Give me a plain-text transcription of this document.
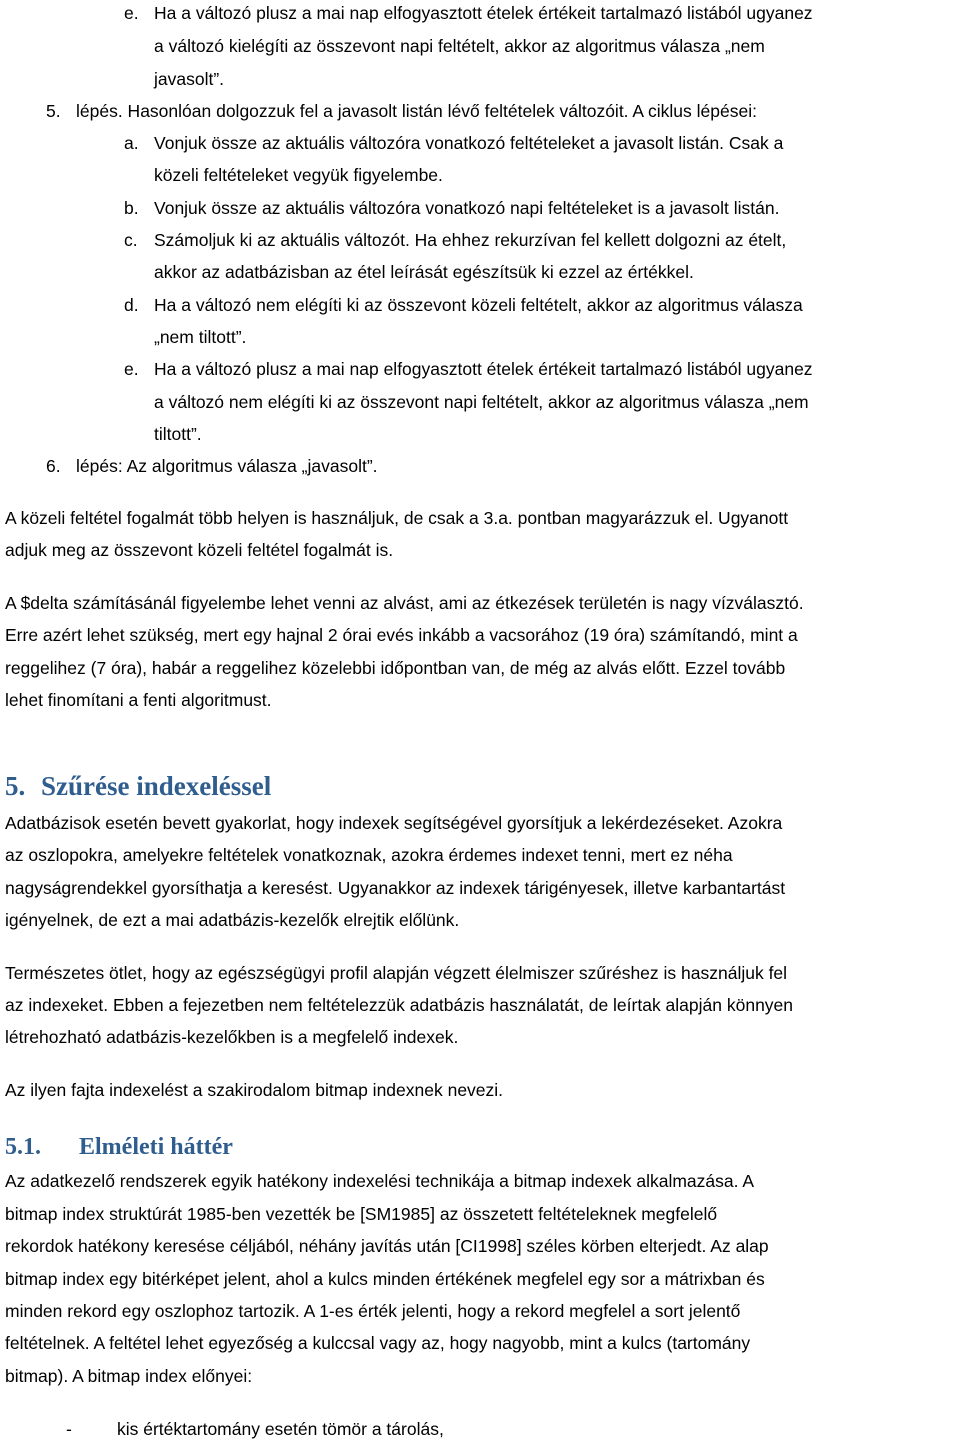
e. Ha a változó plusz a mai nap elfogyasztott ételek értékeit tartalmazó listából ugyanez
a változó kielégíti az összevont napi feltételt, akkor az algoritmus válasza „nem
javasolt”.
5. lépés. Hasonlóan dolgozzuk fel a javasolt listán lévő feltételek változóit. A ciklus lépései:
a. Vonjuk össze az aktuális változóra vonatkozó feltételeket a javasolt listán. Csak a
közeli feltételeket vegyük figyelembe.
b. Vonjuk össze az aktuális változóra vonatkozó napi feltételeket is a javasolt listán.
c. Számoljuk ki az aktuális változót. Ha ehhez rekurzívan fel kellett dolgozni az ételt,
akkor az adatbázisban az étel leírását egészítsük ki ezzel az értékkel.
d. Ha a változó nem elégíti ki az összevont közeli feltételt, akkor az algoritmus válasza
„nem tiltott”.
e. Ha a változó plusz a mai nap elfogyasztott ételek értékeit tartalmazó listából ugyanez
a változó nem elégíti ki az összevont napi feltételt, akkor az algoritmus válasza „nem
tiltott”.
6. lépés: Az algoritmus válasza „javasolt”.
A közeli feltétel fogalmát több helyen is használjuk, de csak a 3.a. pontban magyarázzuk el. Ugyanott
adjuk meg az összevont közeli feltétel fogalmát is.
A $delta számításánál figyelembe lehet venni az alvást, ami az étkezések területén is nagy vízválasztó.
Erre azért lehet szükség, mert egy hajnal 2 órai evés inkább a vacsorához (19 óra) számítandó, mint a
reggelihez (7 óra), habár a reggelihez közelebbi időpontban van, de még az alvás előtt. Ezzel tovább
lehet finomítani a fenti algoritmust.
5. Szűrése indexeléssel
Adatbázisok esetén bevett gyakorlat, hogy indexek segítségével gyorsítjuk a lekérdezéseket. Azokra
az oszlopokra, amelyekre feltételek vonatkoznak, azokra érdemes indexet tenni, mert ez néha
nagyságrendekkel gyorsíthatja a keresést. Ugyanakkor az indexek tárigényesek, illetve karbantartást
igényelnek, de ezt a mai adatbázis-kezelők elrejtik előlünk.
Természetes ötlet, hogy az egészségügyi profil alapján végzett élelmiszer szűréshez is használjuk fel
az indexeket. Ebben a fejezetben nem feltételezzük adatbázis használatát, de leírtak alapján könnyen
létrehozható adatbázis-kezelőkben is a megfelelő indexek.
Az ilyen fajta indexelést a szakirodalom bitmap indexnek nevezi.
5.1. Elméleti háttér
Az adatkezelő rendszerek egyik hatékony indexelési technikája a bitmap indexek alkalmazása. A
bitmap index struktúrát 1985-ben vezették be [SM1985] az összetett feltételeknek megfelelő
rekordok hatékony keresése céljából, néhány javítás után [CI1998] széles körben elterjedt. Az alap
bitmap index egy bitérképet jelent, ahol a kulcs minden értékének megfelel egy sor a mátrixban és
minden rekord egy oszlophoz tartozik. A 1-es érték jelenti, hogy a rekord megfelel a sort jelentő
feltételnek. A feltétel lehet egyezőség a kulccsal vagy az, hogy nagyobb, mint a kulcs (tartomány
bitmap). A bitmap index előnyei:
-	kis értéktartomány esetén tömör a tárolás,
